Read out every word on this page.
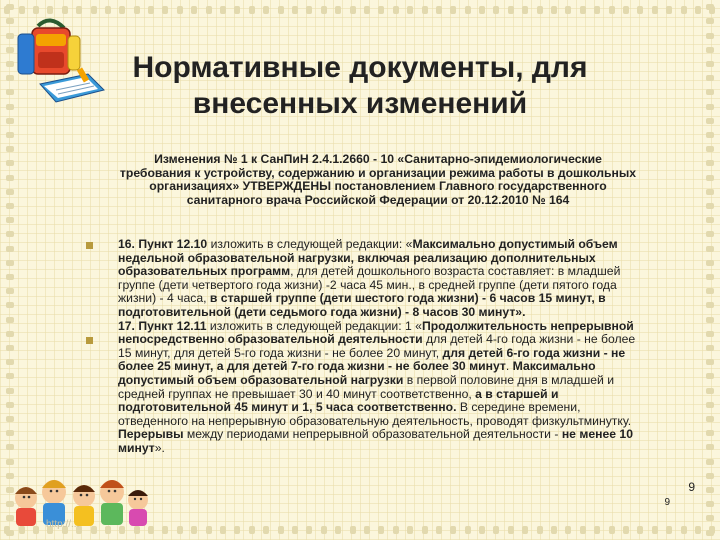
Нормативные документы, для
внесенных изменений
Изменения № 1 к СанПиН 2.4.1.2660 - 10 «Санитарно-эпидемиологические требования к устройству, содержанию и организации режима работы в дошкольных организациях» УТВЕРЖДЕНЫ постановлением Главного государственного санитарного врача Российской Федерации от 20.12.2010 № 164

16. Пункт 12.10 изложить в следующей редакции: «Максимально допустимый объем недельной образовательной нагрузки, включая реализацию дополнительных образовательных программ, для детей дошкольного возраста составляет: в младшей группе (дети четвертого года жизни) -2 часа 45 мин., в средней группе (дети пятого года жизни) - 4 часа, в старшей группе (дети шестого года жизни) - 6 часов 15 минут, в подготовительной (дети седьмого года жизни) - 8 часов 30 минут».

17. Пункт 12.11 изложить в следующей редакции: 1 «Продолжительность непрерывной непосредственно образовательной деятельности для детей 4-го года жизни - не более 15 минут, для детей 5-го года жизни - не более 20 минут, для детей 6-го года жизни - не более 25 минут, а для детей 7-го года жизни - не более 30 минут. Максимально допустимый объем образовательной нагрузки в первой половине дня в младшей и средней группах не превышает 30 и 40 минут соответственно, а в старшей и подготовительной 45 минут и 1, 5 часа соответственно. В середине времени, отведенного на непрерывную образовательную деятельность, проводят физкультминутку. Перерывы между периодами непрерывной образовательной деятельности - не менее 10 минут».

9
9
http://...
